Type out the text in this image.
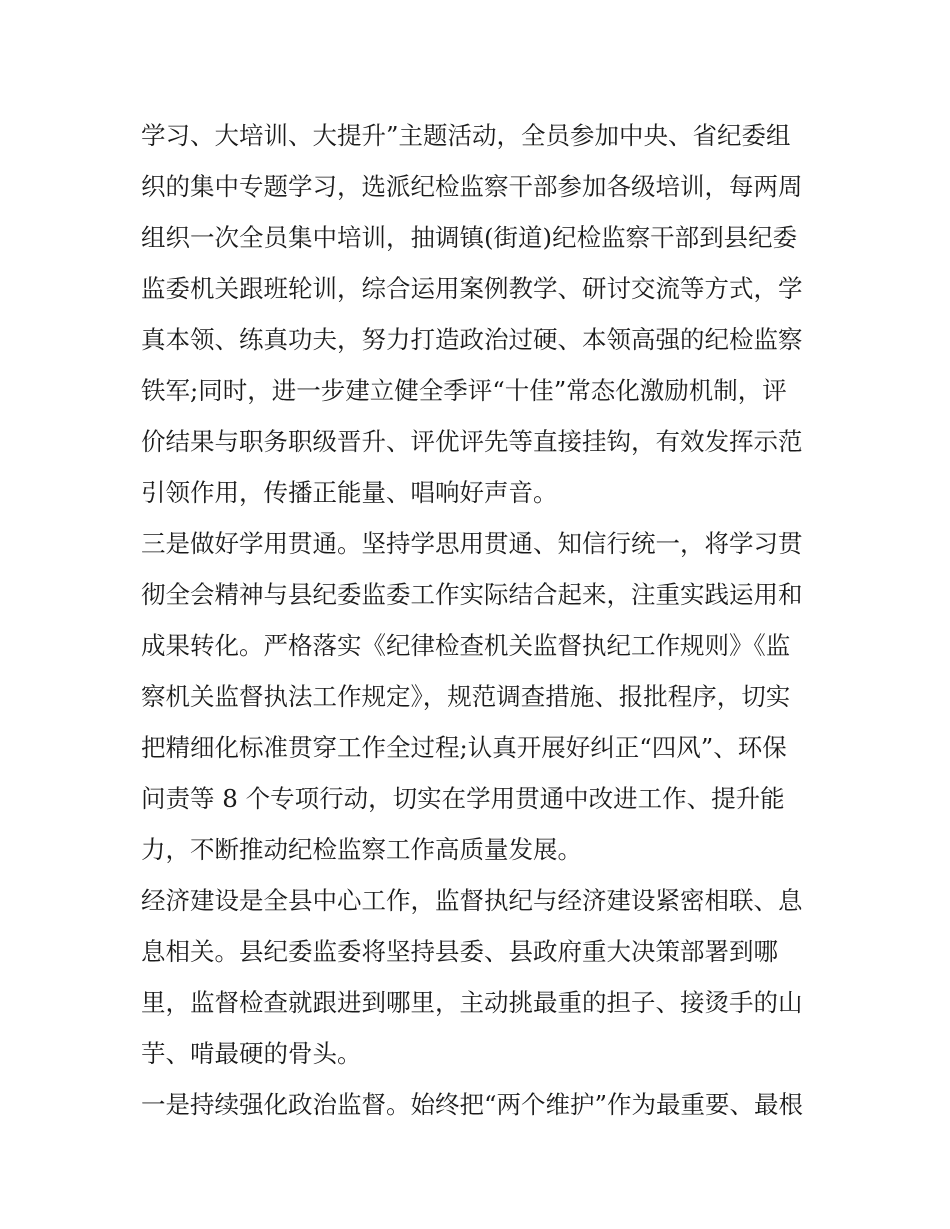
学习、大培训、大提升”主题活动，全员参加中央、省纪委组
织的集中专题学习，选派纪检监察干部参加各级培训，每两周
组织一次全员集中培训，抽调镇(街道)纪检监察干部到县纪委
监委机关跟班轮训，综合运用案例教学、研讨交流等方式，学
真本领、练真功夫，努力打造政治过硬、本领高强的纪检监察
铁军;同时，进一步建立健全季评“十佳”常态化激励机制，评
价结果与职务职级晋升、评优评先等直接挂钩，有效发挥示范
引领作用，传播正能量、唱响好声音。
三是做好学用贯通。坚持学思用贯通、知信行统一，将学习贯
彻全会精神与县纪委监委工作实际结合起来，注重实践运用和
成果转化。严格落实《纪律检查机关监督执纪工作规则》《监
察机关监督执法工作规定》，规范调查措施、报批程序，切实
把精细化标准贯穿工作全过程;认真开展好纠正“四风”、环保
问责等 8 个专项行动，切实在学用贯通中改进工作、提升能
力，不断推动纪检监察工作高质量发展。
经济建设是全县中心工作，监督执纪与经济建设紧密相联、息
息相关。县纪委监委将坚持县委、县政府重大决策部署到哪
里，监督检查就跟进到哪里，主动挑最重的担子、接烫手的山
芋、啃最硬的骨头。
一是持续强化政治监督。始终把“两个维护”作为最重要、最根
